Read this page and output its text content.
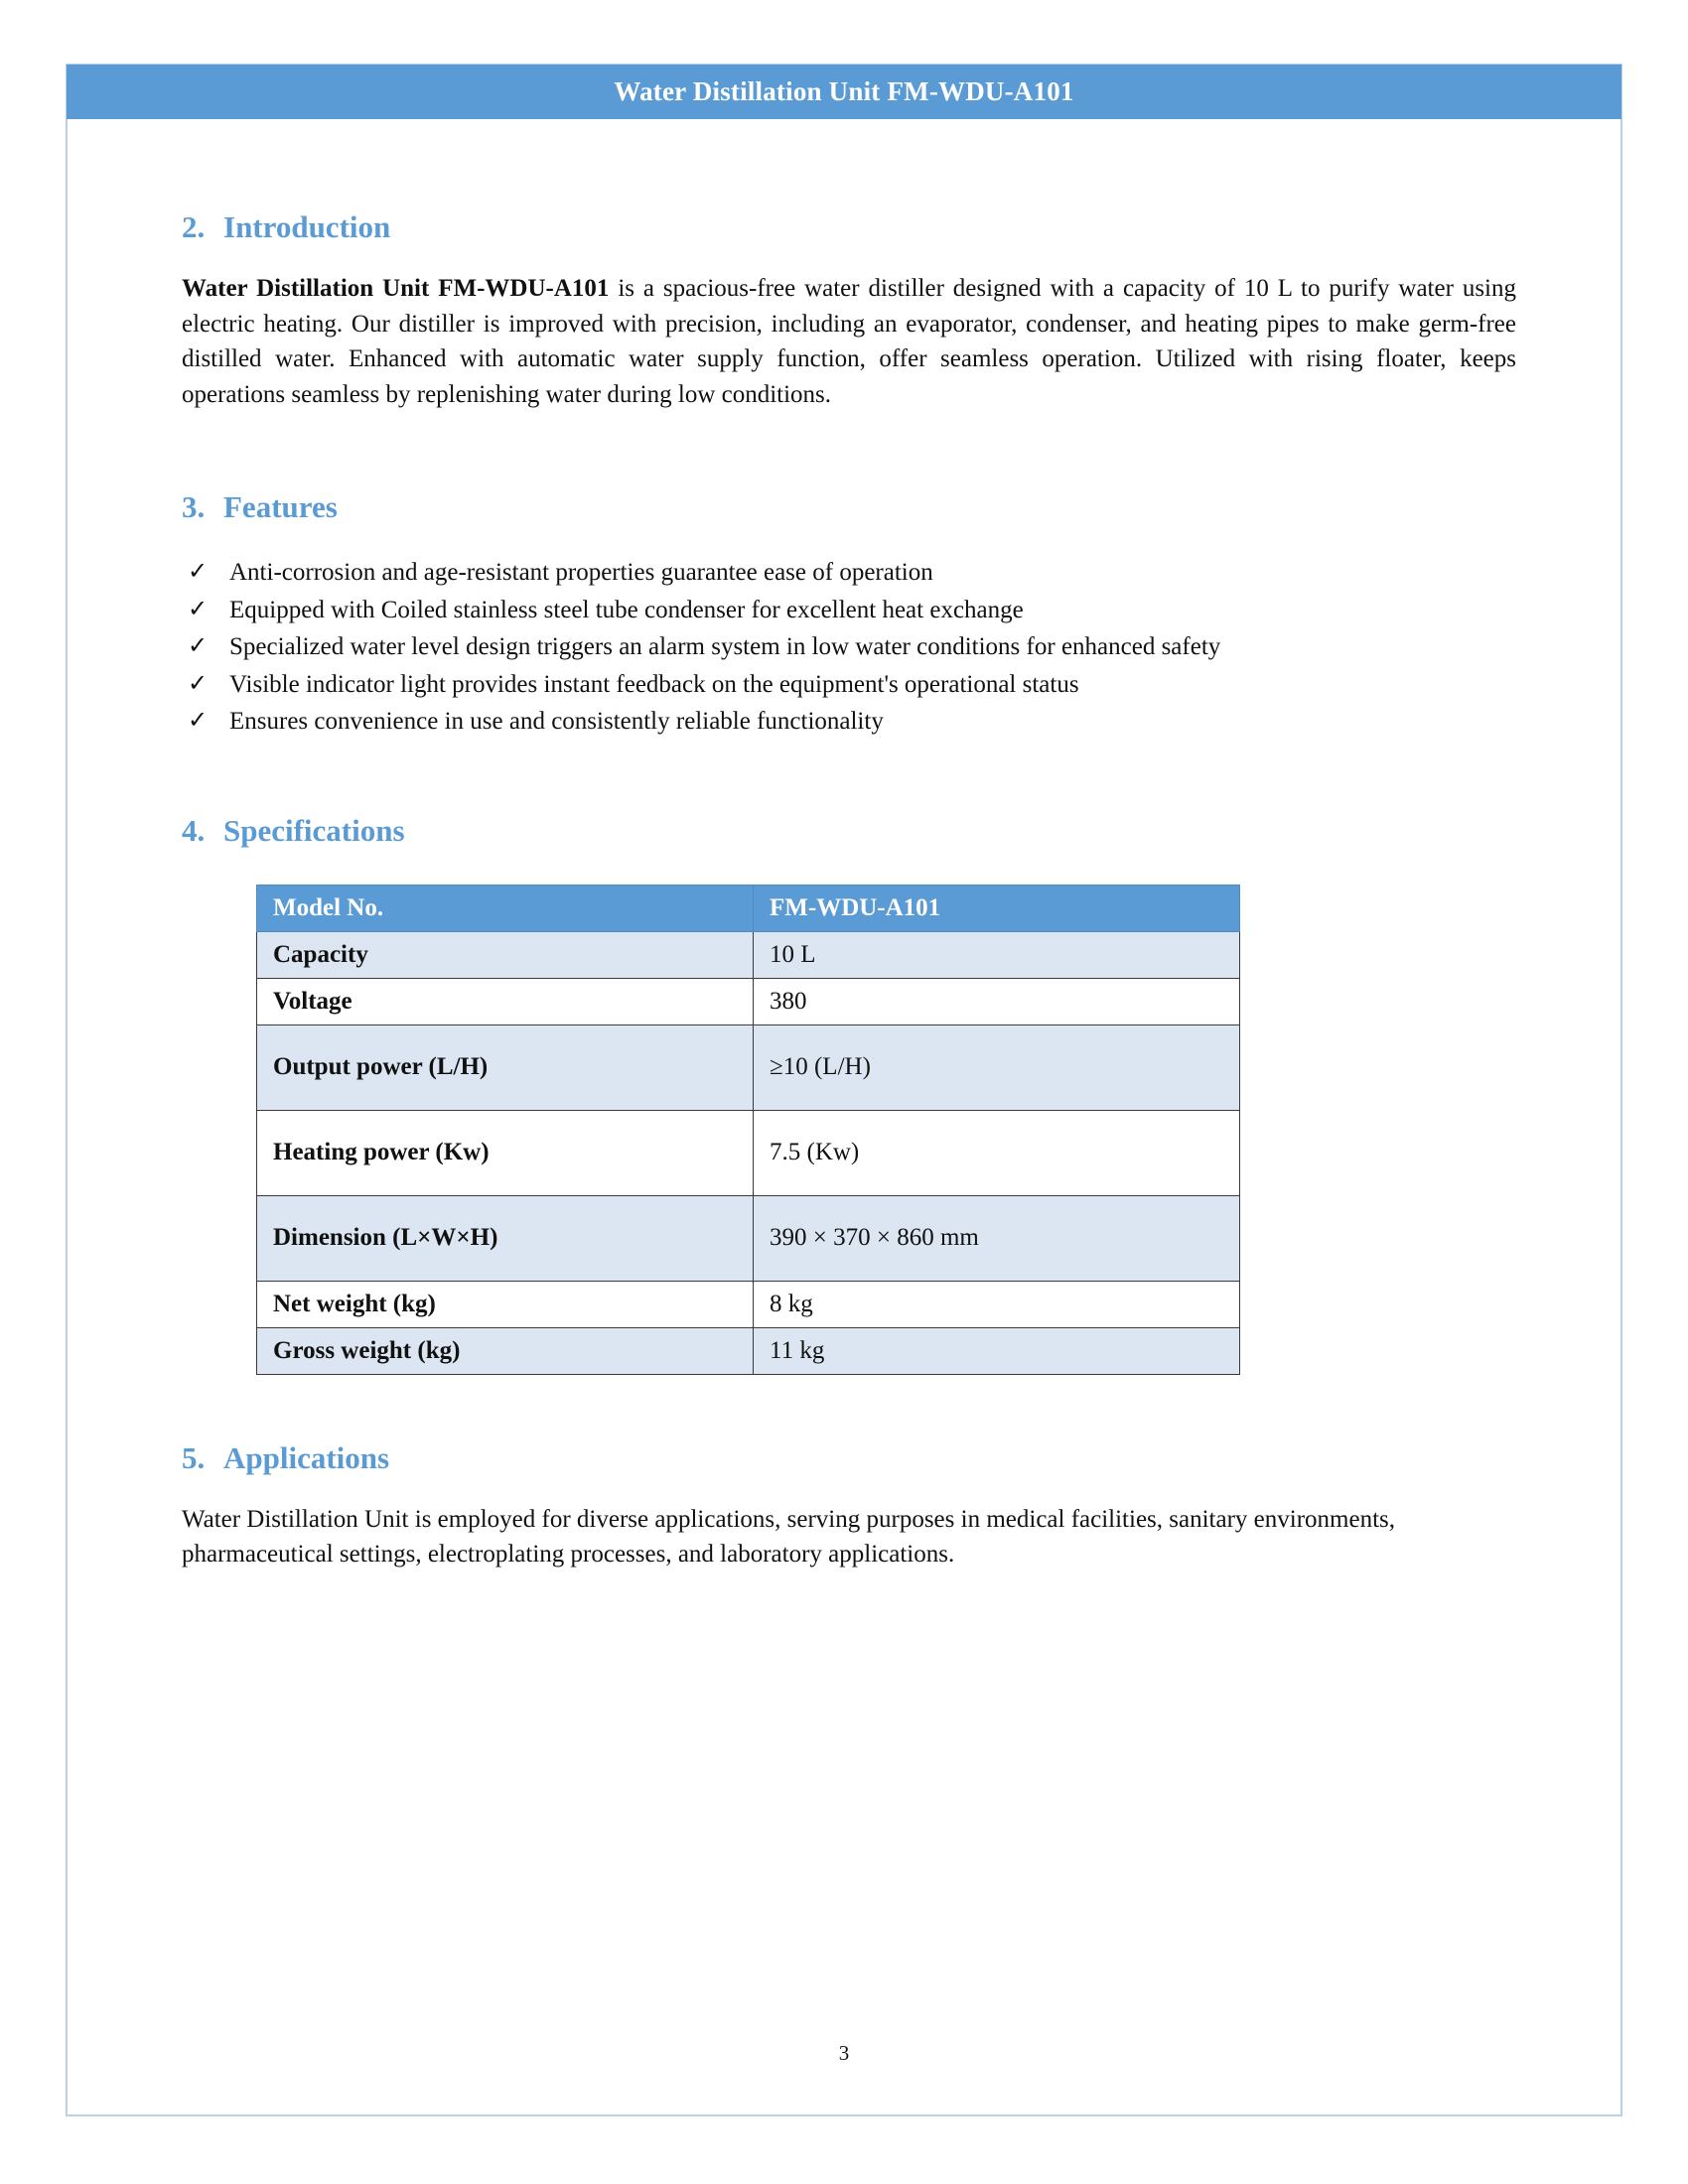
Water Distillation Unit FM-WDU-A101
2. Introduction

Water Distillation Unit FM-WDU-A101 is a spacious-free water distiller designed with a capacity of 10 L to purify water using electric heating. Our distiller is improved with precision, including an evaporator, condenser, and heating pipes to make germ-free distilled water. Enhanced with automatic water supply function, offer seamless operation. Utilized with rising floater, keeps operations seamless by replenishing water during low conditions.

3. Features
✓ Anti-corrosion and age-resistant properties guarantee ease of operation
✓ Equipped with Coiled stainless steel tube condenser for excellent heat exchange
✓ Specialized water level design triggers an alarm system in low water conditions for enhanced safety
✓ Visible indicator light provides instant feedback on the equipment's operational status
✓ Ensures convenience in use and consistently reliable functionality
4. Specifications
Model No.	FM-WDU-A101
Capacity	10 L
Voltage	380
Output power (L/H)	≥10 (L/H)
Heating power (Kw)	7.5 (Kw)
Dimension (L×W×H)	390 × 370 × 860 mm
Net weight (kg)	8 kg
Gross weight (kg)	11 kg
5. Applications

Water Distillation Unit is employed for diverse applications, serving purposes in medical facilities, sanitary environments, pharmaceutical settings, electroplating processes, and laboratory applications.

3
